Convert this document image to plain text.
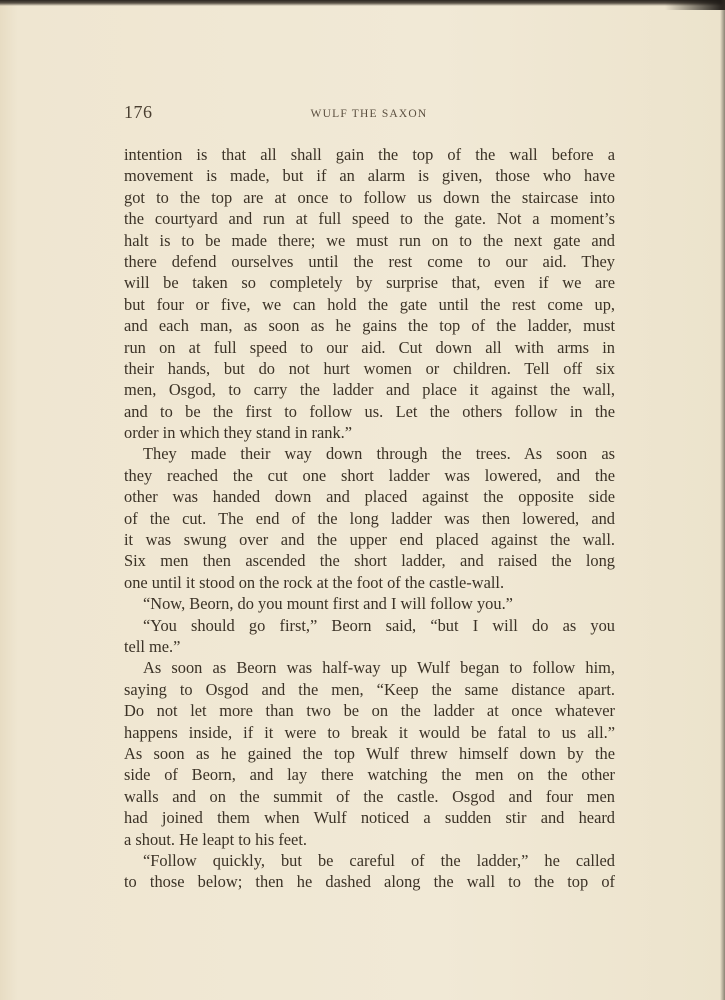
176	WULF THE SAXON
intention is that all shall gain the top of the wall before a
movement is made, but if an alarm is given, those who have
got to the top are at once to follow us down the staircase into
the courtyard and run at full speed to the gate. Not a moment’s
halt is to be made there; we must run on to the next gate and
there defend ourselves until the rest come to our aid. They
will be taken so completely by surprise that, even if we are
but four or five, we can hold the gate until the rest come up,
and each man, as soon as he gains the top of the ladder, must
run on at full speed to our aid. Cut down all with arms in
their hands, but do not hurt women or children. Tell off six
men, Osgod, to carry the ladder and place it against the wall,
and to be the first to follow us. Let the others follow in the
order in which they stand in rank.”
They made their way down through the trees. As soon as
they reached the cut one short ladder was lowered, and the
other was handed down and placed against the opposite side
of the cut. The end of the long ladder was then lowered, and
it was swung over and the upper end placed against the wall.
Six men then ascended the short ladder, and raised the long
one until it stood on the rock at the foot of the castle-wall.
“Now, Beorn, do you mount first and I will follow you.”
“You should go first,” Beorn said, “but I will do as you
tell me.”
As soon as Beorn was half-way up Wulf began to follow him,
saying to Osgod and the men, “Keep the same distance apart.
Do not let more than two be on the ladder at once whatever
happens inside, if it were to break it would be fatal to us all.”
As soon as he gained the top Wulf threw himself down by the
side of Beorn, and lay there watching the men on the other
walls and on the summit of the castle. Osgod and four men
had joined them when Wulf noticed a sudden stir and heard
a shout. He leapt to his feet.
“Follow quickly, but be careful of the ladder,” he called
to those below; then he dashed along the wall to the top of
